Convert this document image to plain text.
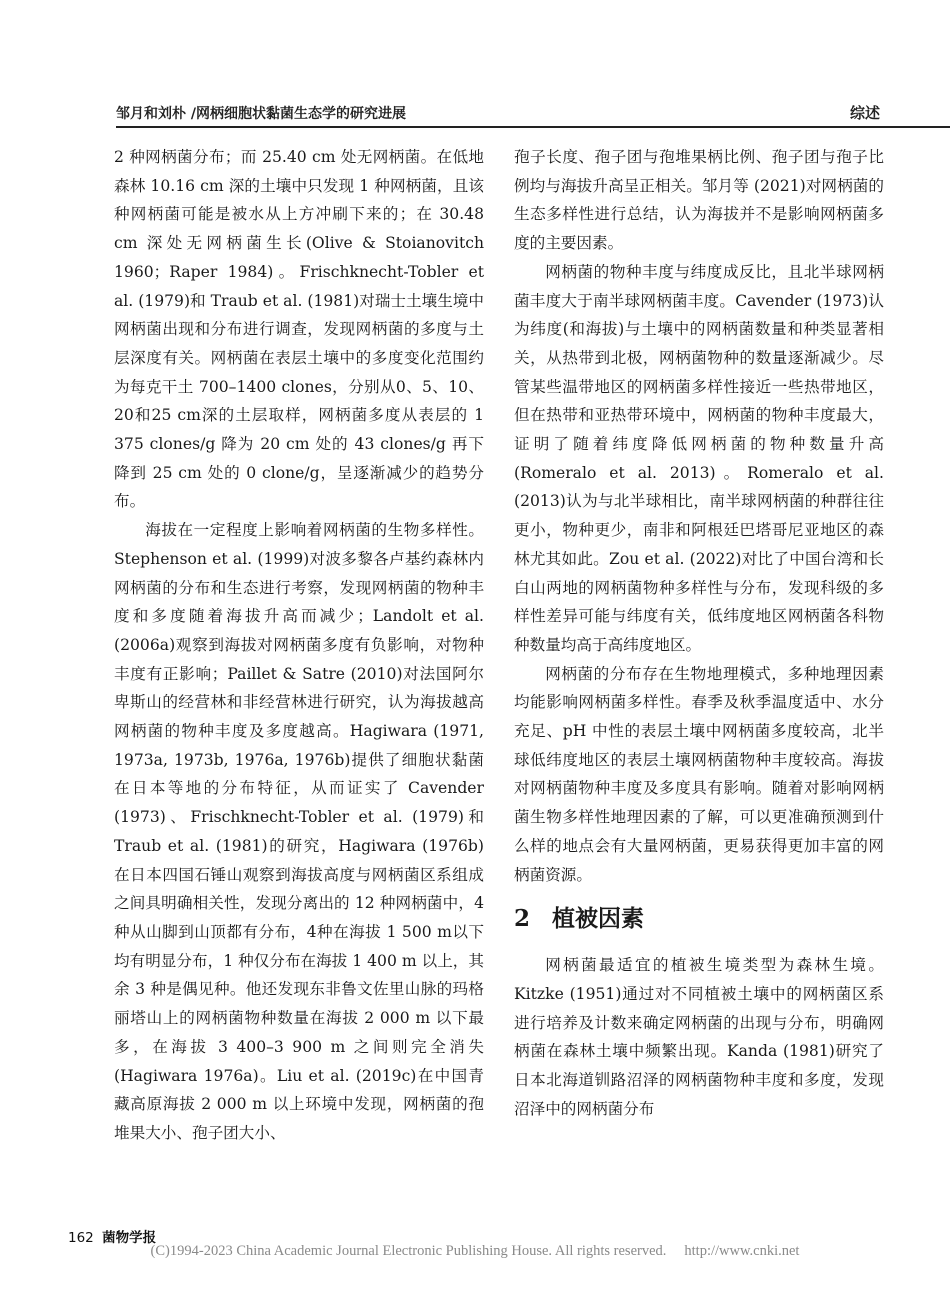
邹月和刘朴 /网柄细胞状黏菌生态学的研究进展	综述

2 种网柄菌分布；而 25.40 cm 处无网柄菌。在低地森林 10.16 cm 深的土壤中只发现 1 种网柄菌，且该种网柄菌可能是被水从上方冲刷下来的；在 30.48 cm 深处无网柄菌生长(Olive & Stoianovitch 1960；Raper 1984)。Frischknecht-Tobler et al. (1979)和 Traub et al. (1981)对瑞士土壤生境中网柄菌出现和分布进行调查，发现网柄菌的多度与土层深度有关。网柄菌在表层土壤中的多度变化范围约为每克干土 700–1400 clones，分别从0、5、10、20和25 cm深的土层取样，网柄菌多度从表层的 1 375 clones/g 降为 20 cm 处的 43 clones/g 再下降到 25 cm 处的 0 clone/g，呈逐渐减少的趋势分布。

海拔在一定程度上影响着网柄菌的生物多样性。Stephenson et al. (1999)对波多黎各卢基约森林内网柄菌的分布和生态进行考察，发现网柄菌的物种丰度和多度随着海拔升高而减少；Landolt et al. (2006a)观察到海拔对网柄菌多度有负影响，对物种丰度有正影响；Paillet & Satre (2010)对法国阿尔卑斯山的经营林和非经营林进行研究，认为海拔越高网柄菌的物种丰度及多度越高。Hagiwara (1971, 1973a, 1973b, 1976a, 1976b)提供了细胞状黏菌在日本等地的分布特征，从而证实了 Cavender (1973)、Frischknecht-Tobler et al. (1979)和 Traub et al. (1981)的研究，Hagiwara (1976b)在日本四国石锤山观察到海拔高度与网柄菌区系组成之间具明确相关性，发现分离出的 12 种网柄菌中，4 种从山脚到山顶都有分布，4种在海拔 1 500 m以下均有明显分布，1 种仅分布在海拔 1 400 m 以上，其余 3 种是偶见种。他还发现东非鲁文佐里山脉的玛格丽塔山上的网柄菌物种数量在海拔 2 000 m 以下最多，在海拔 3 400–3 900 m 之间则完全消失(Hagiwara 1976a)。Liu et al. (2019c)在中国青藏高原海拔 2 000 m 以上环境中发现，网柄菌的孢堆果大小、孢子团大小、

孢子长度、孢子团与孢堆果柄比例、孢子团与孢子比例均与海拔升高呈正相关。邹月等 (2021)对网柄菌的生态多样性进行总结，认为海拔并不是影响网柄菌多度的主要因素。

网柄菌的物种丰度与纬度成反比，且北半球网柄菌丰度大于南半球网柄菌丰度。Cavender (1973)认为纬度(和海拔)与土壤中的网柄菌数量和种类显著相关，从热带到北极，网柄菌物种的数量逐渐减少。尽管某些温带地区的网柄菌多样性接近一些热带地区，但在热带和亚热带环境中，网柄菌的物种丰度最大，证明了随着纬度降低网柄菌的物种数量升高(Romeralo et al. 2013)。Romeralo et al. (2013)认为与北半球相比，南半球网柄菌的种群往往更小，物种更少，南非和阿根廷巴塔哥尼亚地区的森林尤其如此。Zou et al. (2022)对比了中国台湾和长白山两地的网柄菌物种多样性与分布，发现科级的多样性差异可能与纬度有关，低纬度地区网柄菌各科物种数量均高于高纬度地区。

网柄菌的分布存在生物地理模式，多种地理因素均能影响网柄菌多样性。春季及秋季温度适中、水分充足、pH 中性的表层土壤中网柄菌多度较高，北半球低纬度地区的表层土壤网柄菌物种丰度较高。海拔对网柄菌物种丰度及多度具有影响。随着对影响网柄菌生物多样性地理因素的了解，可以更准确预测到什么样的地点会有大量网柄菌，更易获得更加丰富的网柄菌资源。

2 植被因素

网柄菌最适宜的植被生境类型为森林生境。Kitzke (1951)通过对不同植被土壤中的网柄菌区系进行培养及计数来确定网柄菌的出现与分布，明确网柄菌在森林土壤中频繁出现。Kanda (1981)研究了日本北海道钏路沼泽的网柄菌物种丰度和多度，发现沼泽中的网柄菌分布

162 菌物学报
(C)1994-2023 China Academic Journal Electronic Publishing House. All rights reserved. http://www.cnki.net
